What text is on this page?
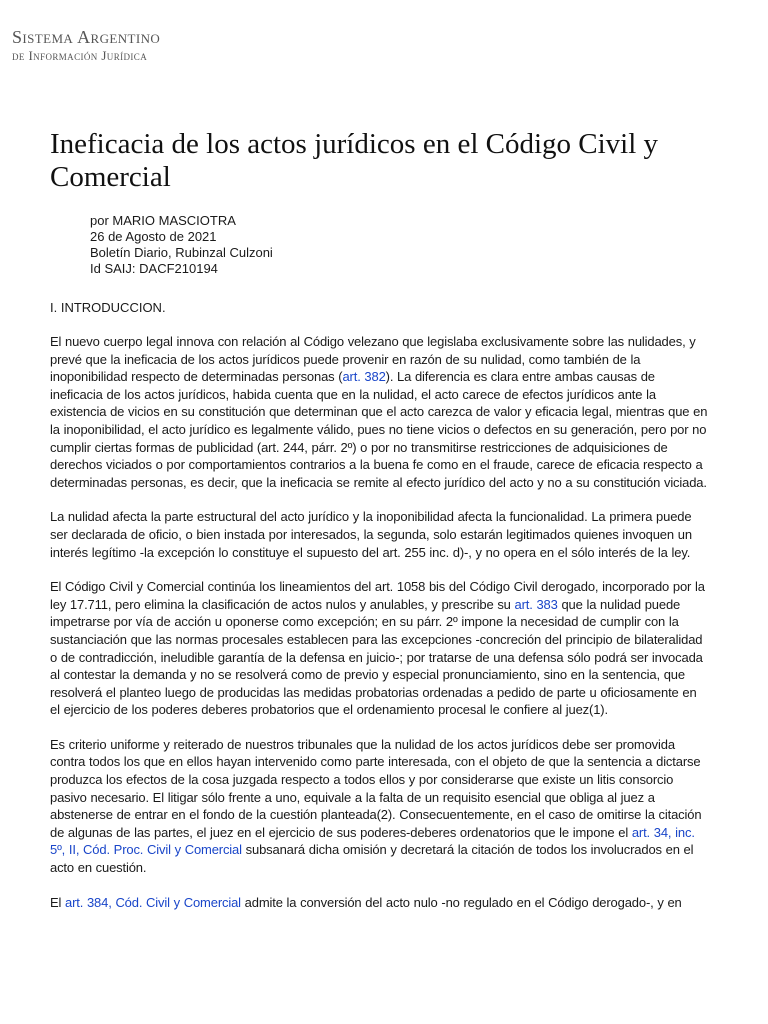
Sistema Argentino
de Información Jurídica
Ineficacia de los actos jurídicos en el Código Civil y Comercial
por MARIO MASCIOTRA
26 de Agosto de 2021
Boletín Diario, Rubinzal Culzoni
Id SAIJ: DACF210194
I. INTRODUCCION.

El nuevo cuerpo legal innova con relación al Código velezano que legislaba exclusivamente sobre las nulidades, y prevé que la ineficacia de los actos jurídicos puede provenir en razón de su nulidad, como también de la inoponibilidad respecto de determinadas personas (art. 382). La diferencia es clara entre ambas causas de ineficacia de los actos jurídicos, habida cuenta que en la nulidad, el acto carece de efectos jurídicos ante la existencia de vicios en su constitución que determinan que el acto carezca de valor y eficacia legal, mientras que en la inoponibilidad, el acto jurídico es legalmente válido, pues no tiene vicios o defectos en su generación, pero por no cumplir ciertas formas de publicidad (art. 244, párr. 2º) o por no transmitirse restricciones de adquisiciones de derechos viciados o por comportamientos contrarios a la buena fe como en el fraude, carece de eficacia respecto a determinadas personas, es decir, que la ineficacia se remite al efecto jurídico del acto y no a su constitución viciada.

La nulidad afecta la parte estructural del acto jurídico y la inoponibilidad afecta la funcionalidad. La primera puede ser declarada de oficio, o bien instada por interesados, la segunda, solo estarán legitimados quienes invoquen un interés legítimo -la excepción lo constituye el supuesto del art. 255 inc. d)-, y no opera en el sólo interés de la ley.

El Código Civil y Comercial continúa los lineamientos del art. 1058 bis del Código Civil derogado, incorporado por la ley 17.711, pero elimina la clasificación de actos nulos y anulables, y prescribe su art. 383 que la nulidad puede impetrarse por vía de acción u oponerse como excepción; en su párr. 2º impone la necesidad de cumplir con la sustanciación que las normas procesales establecen para las excepciones -concreción del principio de bilateralidad o de contradicción, ineludible garantía de la defensa en juicio-; por tratarse de una defensa sólo podrá ser invocada al contestar la demanda y no se resolverá como de previo y especial pronunciamiento, sino en la sentencia, que resolverá el planteo luego de producidas las medidas probatorias ordenadas a pedido de parte u oficiosamente en el ejercicio de los poderes deberes probatorios que el ordenamiento procesal le confiere al juez(1).

Es criterio uniforme y reiterado de nuestros tribunales que la nulidad de los actos jurídicos debe ser promovida contra todos los que en ellos hayan intervenido como parte interesada, con el objeto de que la sentencia a dictarse produzca los efectos de la cosa juzgada respecto a todos ellos y por considerarse que existe un litis consorcio pasivo necesario. El litigar sólo frente a uno, equivale a la falta de un requisito esencial que obliga al juez a abstenerse de entrar en el fondo de la cuestión planteada(2). Consecuentemente, en el caso de omitirse la citación de algunas de las partes, el juez en el ejercicio de sus poderes-deberes ordenatorios que le impone el art. 34, inc. 5º, II, Cód. Proc. Civil y Comercial subsanará dicha omisión y decretará la citación de todos los involucrados en el acto en cuestión.

El art. 384, Cód. Civil y Comercial admite la conversión del acto nulo -no regulado en el Código derogado-, y en
